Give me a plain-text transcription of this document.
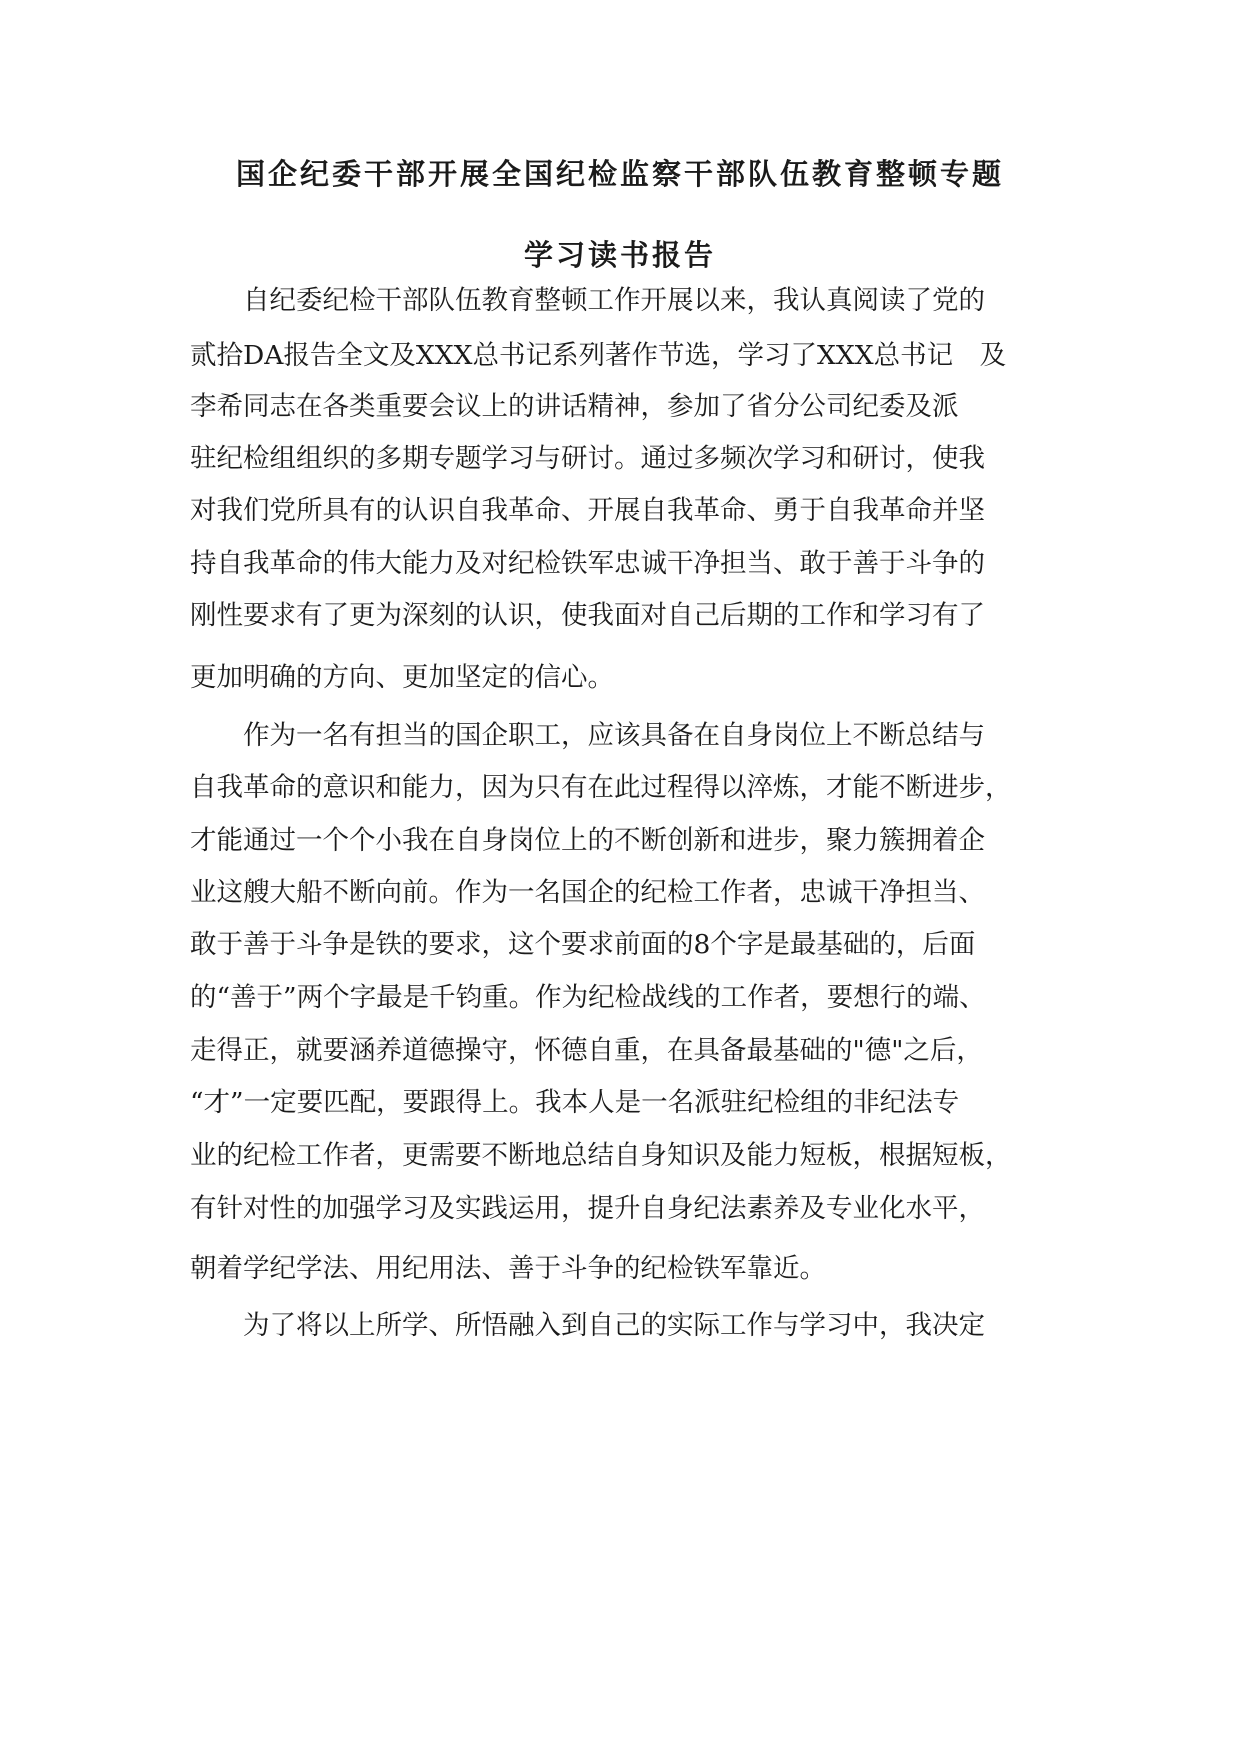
国企纪委干部开展全国纪检监察干部队伍教育整顿专题
学习读书报告
　　自纪委纪检干部队伍教育整顿工作开展以来，我认真阅读了党的
贰拾DA报告全文及XXX总书记系列著作节选，学习了XXX总书记　及
李希同志在各类重要会议上的讲话精神，参加了省分公司纪委及派
驻纪检组组织的多期专题学习与研讨。通过多频次学习和研讨，使我
对我们党所具有的认识自我革命、开展自我革命、勇于自我革命并坚
持自我革命的伟大能力及对纪检铁军忠诚干净担当、敢于善于斗争的
刚性要求有了更为深刻的认识，使我面对自己后期的工作和学习有了
更加明确的方向、更加坚定的信心。
　　作为一名有担当的国企职工，应该具备在自身岗位上不断总结与
自我革命的意识和能力，因为只有在此过程得以淬炼，才能不断进步，
才能通过一个个小我在自身岗位上的不断创新和进步，聚力簇拥着企
业这艘大船不断向前。作为一名国企的纪检工作者，忠诚干净担当、
敢于善于斗争是铁的要求，这个要求前面的8个字是最基础的，后面
的“善于”两个字最是千钧重。作为纪检战线的工作者，要想行的端、
走得正，就要涵养道德操守，怀德自重，在具备最基础的"德"之后，
“才”一定要匹配，要跟得上。我本人是一名派驻纪检组的非纪法专
业的纪检工作者，更需要不断地总结自身知识及能力短板，根据短板，
有针对性的加强学习及实践运用，提升自身纪法素养及专业化水平，
朝着学纪学法、用纪用法、善于斗争的纪检铁军靠近。
　　为了将以上所学、所悟融入到自己的实际工作与学习中，我决定
